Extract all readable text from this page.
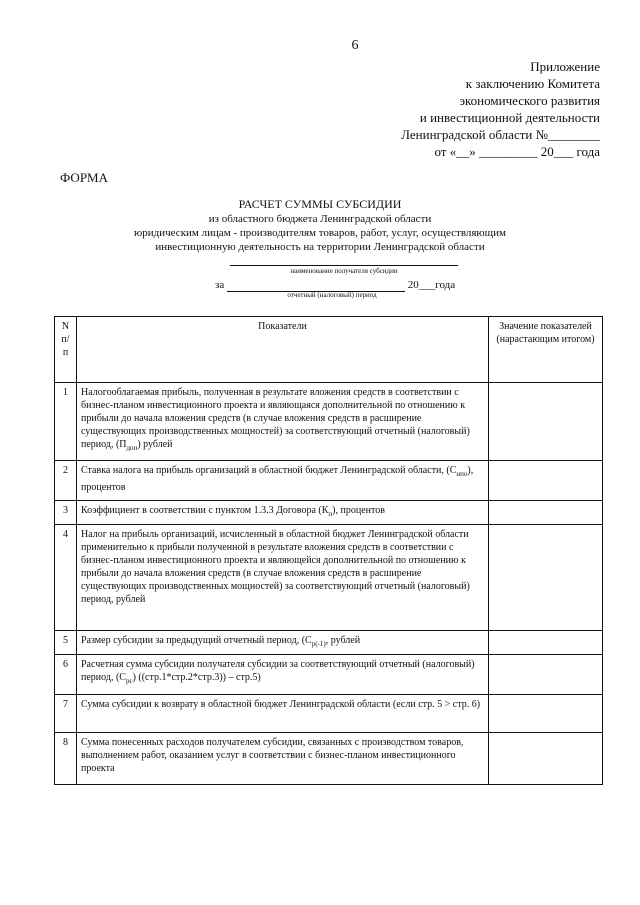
6
Приложение
к заключению Комитета
экономического развития
и инвестиционной деятельности
Ленинградской области №________
от «__» _________ 20___ года
ФОРМА
РАСЧЕТ СУММЫ СУБСИДИИ
из областного бюджета Ленинградской области
юридическим лицам - производителям товаров, работ, услуг, осуществляющим
инвестиционную деятельность на территории Ленинградской области
наименование получателя субсидии
за	20___года
отчетный (налоговый) период
N п/п	Показатели	Значение показателей (нарастающим итогом)
1	Налогооблагаемая прибыль, полученная в результате вложения средств в соответствии с бизнес-планом инвестиционного проекта и являющаяся дополнительной по отношению к прибыли до начала вложения средств (в случае вложения средств в расширение существующих производственных мощностей) за соответствующий отчетный (налоговый) период, $(П_{доп})$ рублей	
2	Ставка налога на прибыль организаций в областной бюджет Ленинградской области, $(С_{нпо})$, процентов	
3	Коэффициент в соответствии с пунктом 1.3.3 Договора $(К_п)$, процентов	
4	Налог на прибыль организаций, исчисленный в областной бюджет Ленинградской области применительно к прибыли полученной в результате вложения средств в соответствии с бизнес-планом инвестиционного проекта и являющейся дополнительной по отношению к прибыли до начала вложения средств (в случае вложения средств в расширение существующих производственных мощностей) за соответствующий отчетный (налоговый) период, рублей	
5	Размер субсидии за предыдущий отчетный период, ($С_{р(-1)}$, рублей	
6	Расчетная сумма субсидии получателя субсидии за соответствующий отчетный (налоговый) период, $(С_{рс})$ ((стр.1*стр.2*стр.3)) – стр.5)	
7	Сумма субсидии к возврату в областной бюджет Ленинградской области (если стр. 5 > стр. 6)	
8	Сумма понесенных расходов получателем субсидии, связанных с производством товаров, выполнением работ, оказанием услуг в соответствии с бизнес-планом инвестиционного проекта	
